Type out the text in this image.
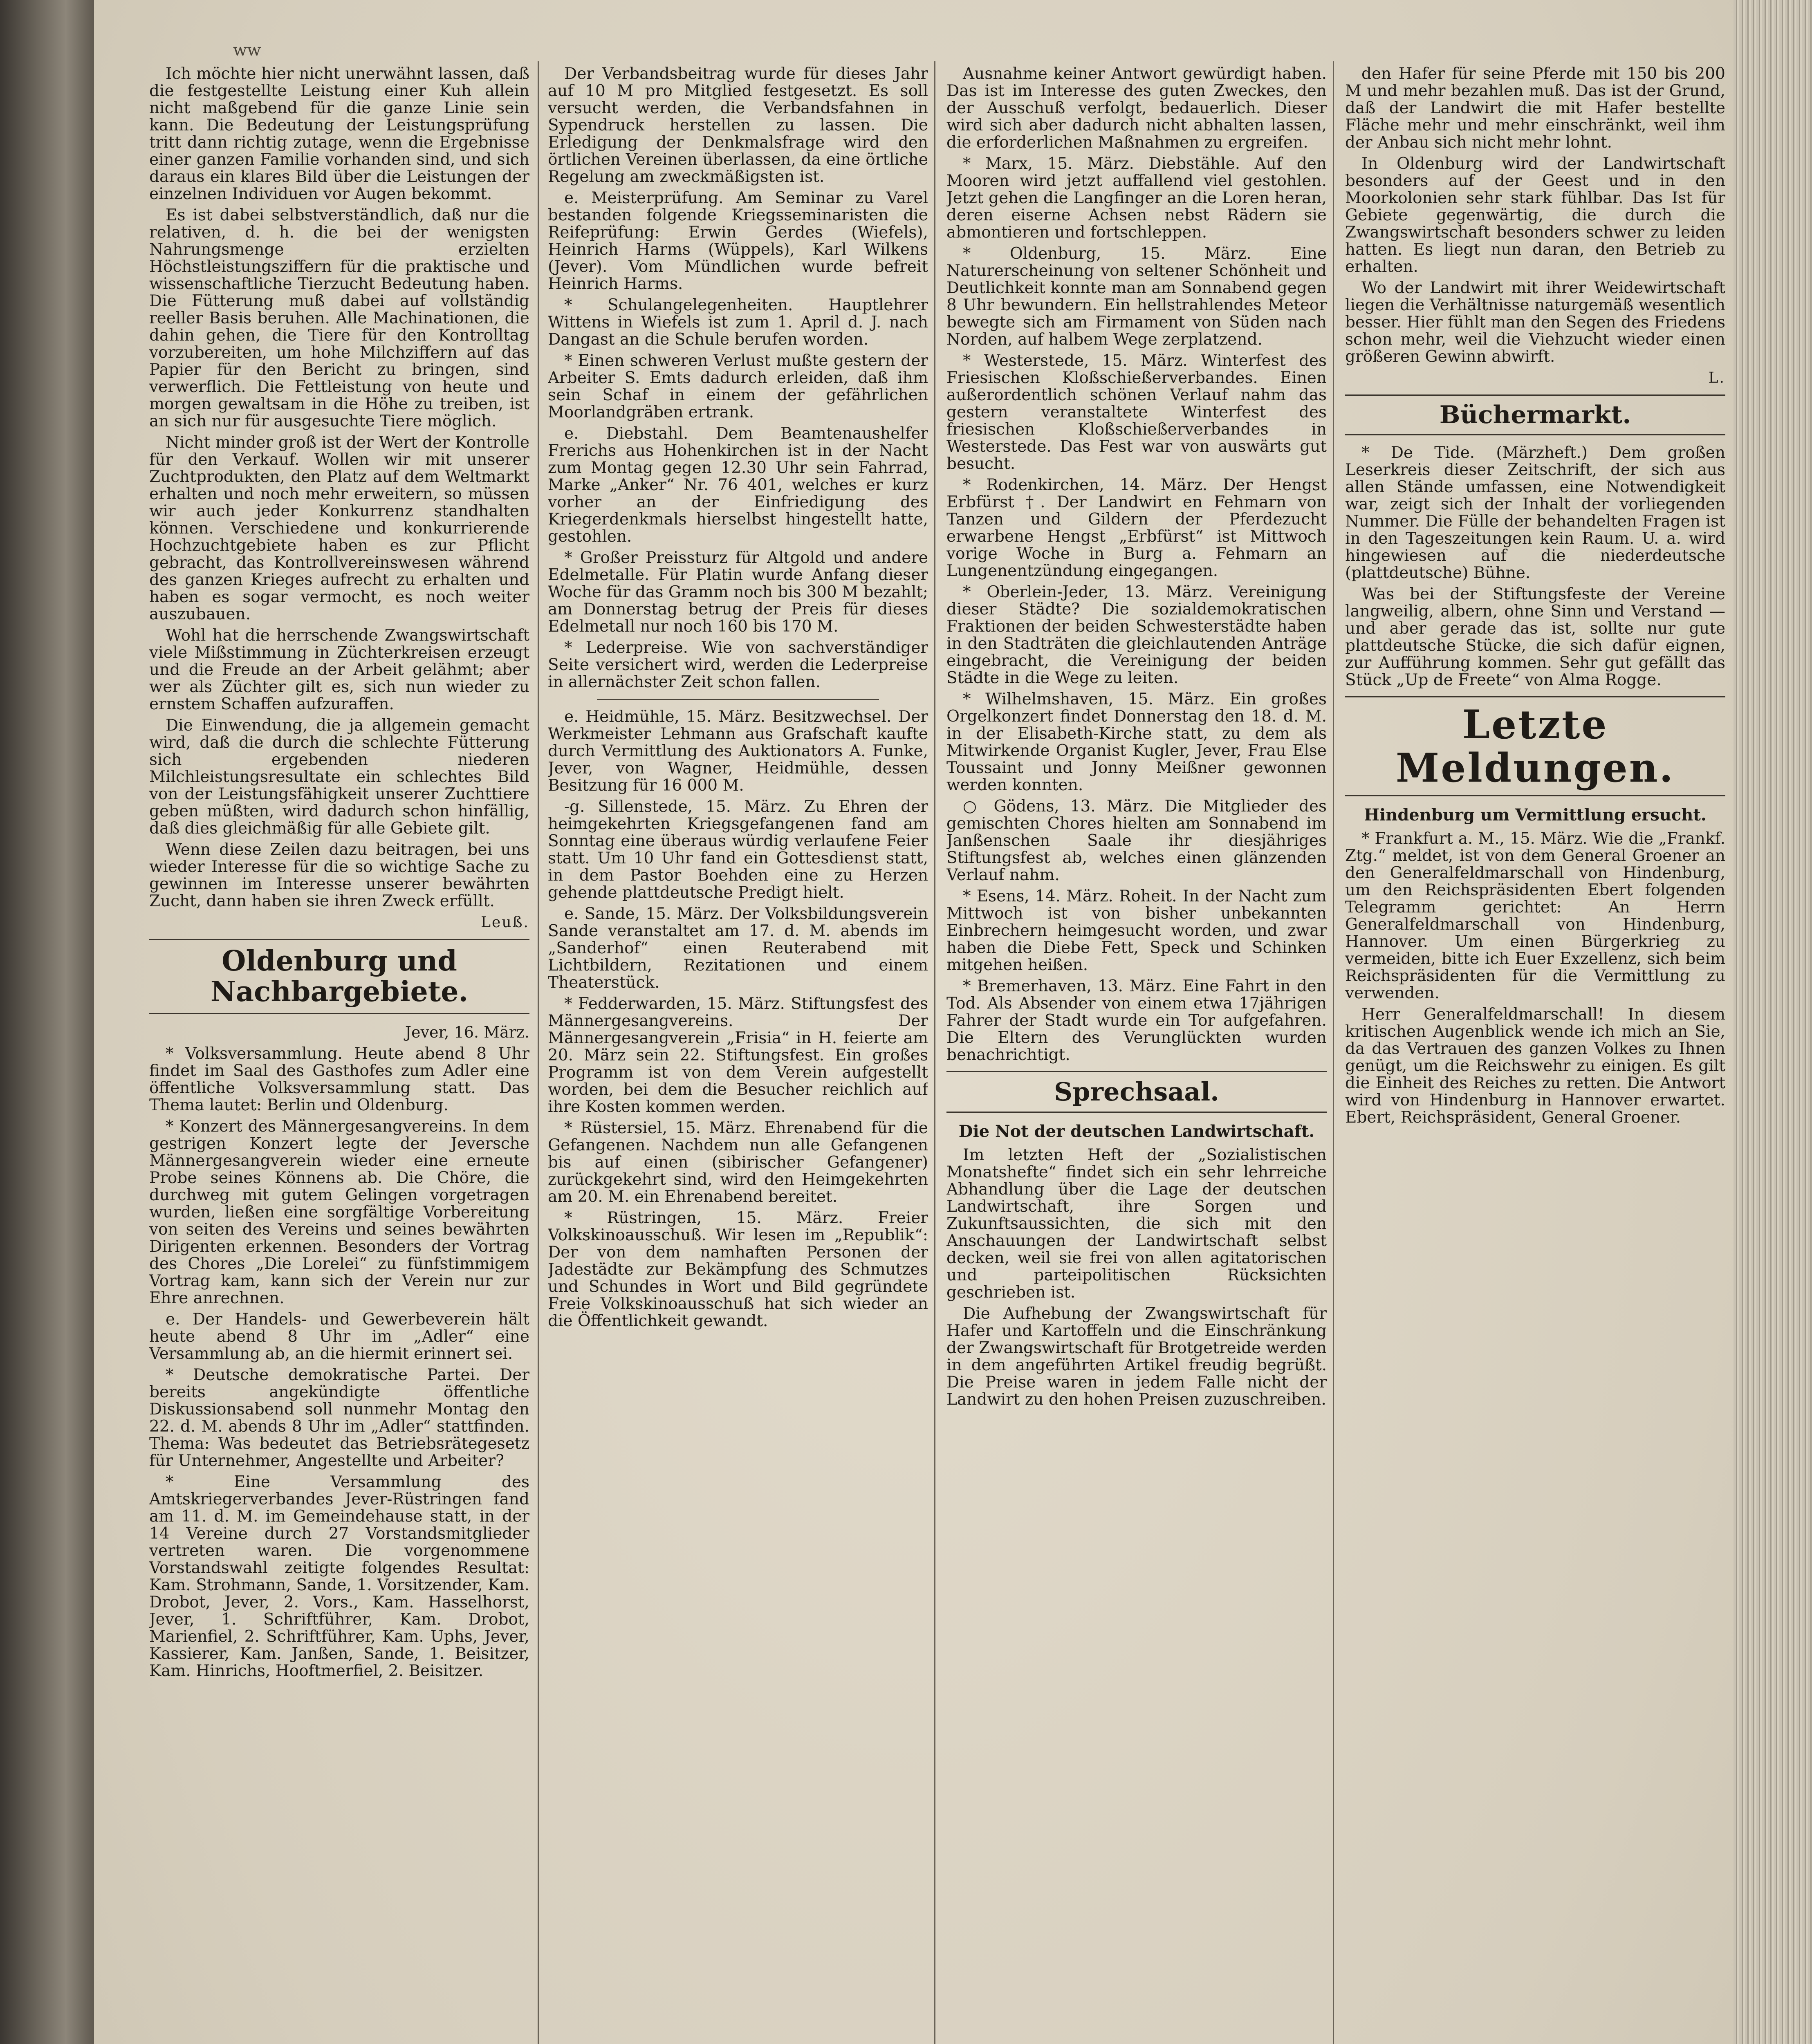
ww

Ich möchte hier nicht unerwähnt lassen, daß die festgestellte Leistung einer Kuh allein nicht maßgebend für die ganze Linie sein kann. Die Bedeutung der Leistungsprüfung tritt dann richtig zutage, wenn die Ergebnisse einer ganzen Familie vorhanden sind, und sich daraus ein klares Bild über die Leistungen der einzelnen Individuen vor Augen bekommt.

Es ist dabei selbstverständlich, daß nur die relativen, d. h. die bei der wenigsten Nahrungsmenge erzielten Höchstleistungsziffern für die praktische und wissenschaftliche Tierzucht Bedeutung haben. Die Fütterung muß dabei auf vollständig reeller Basis beruhen. Alle Machinationen, die dahin gehen, die Tiere für den Kontrolltag vorzubereiten, um hohe Milchziffern auf das Papier für den Bericht zu bringen, sind verwerflich. Die Fettleistung von heute und morgen gewaltsam in die Höhe zu treiben, ist an sich nur für ausgesuchte Tiere möglich.

Nicht minder groß ist der Wert der Kontrolle für den Verkauf. Wollen wir mit unserer Zuchtprodukten, den Platz auf dem Weltmarkt erhalten und noch mehr erweitern, so müssen wir auch jeder Konkurrenz standhalten können. Verschiedene und konkurrierende Hochzuchtgebiete haben es zur Pflicht gebracht, das Kontrollvereinswesen während des ganzen Krieges aufrecht zu erhalten und haben es sogar vermocht, es noch weiter auszubauen.

Wohl hat die herrschende Zwangswirtschaft viele Mißstimmung in Züchterkreisen erzeugt und die Freude an der Arbeit gelähmt; aber wer als Züchter gilt es, sich nun wieder zu ernstem Schaffen aufzuraffen.

Die Einwendung, die ja allgemein gemacht wird, daß die durch die schlechte Fütterung sich ergebenden niederen Milchleistungsresultate ein schlechtes Bild von der Leistungsfähigkeit unserer Zuchttiere geben müßten, wird dadurch schon hinfällig, daß dies gleichmäßig für alle Gebiete gilt.

Wenn diese Zeilen dazu beitragen, bei uns wieder Interesse für die so wichtige Sache zu gewinnen im Interesse unserer bewährten Zucht, dann haben sie ihren Zweck erfüllt.

Leuß.
Oldenburg und Nachbargebiete.
Jever, 16. März.

* Volksversammlung. Heute abend 8 Uhr findet im Saal des Gasthofes zum Adler eine öffentliche Volksversammlung statt. Das Thema lautet: Berlin und Oldenburg.

* Konzert des Männergesangvereins. In dem gestrigen Konzert legte der Jeversche Männergesangverein wieder eine erneute Probe seines Könnens ab. Die Chöre, die durchweg mit gutem Gelingen vorgetragen wurden, ließen eine sorgfältige Vorbereitung von seiten des Vereins und seines bewährten Dirigenten erkennen. Besonders der Vortrag des Chores „Die Lorelei“ zu fünfstimmigem Vortrag kam, kann sich der Verein nur zur Ehre anrechnen.

e. Der Handels- und Gewerbeverein hält heute abend 8 Uhr im „Adler“ eine Versammlung ab, an die hiermit erinnert sei.

* Deutsche demokratische Partei. Der bereits angekündigte öffentliche Diskussionsabend soll nunmehr Montag den 22. d. M. abends 8 Uhr im „Adler“ stattfinden. Thema: Was bedeutet das Betriebsrätegesetz für Unternehmer, Angestellte und Arbeiter?

* Eine Versammlung des Amtskriegerverbandes Jever-Rüstringen fand am 11. d. M. im Gemeindehause statt, in der 14 Vereine durch 27 Vorstandsmitglieder vertreten waren. Die vorgenommene Vorstandswahl zeitigte folgendes Resultat: Kam. Strohmann, Sande, 1. Vorsitzender, Kam. Drobot, Jever, 2. Vors., Kam. Hasselhorst, Jever, 1. Schriftführer, Kam. Drobot, Marienfiel, 2. Schriftführer, Kam. Uphs, Jever, Kassierer, Kam. Janßen, Sande, 1. Beisitzer, Kam. Hinrichs, Hooftmerfiel, 2. Beisitzer.

Der Verbandsbeitrag wurde für dieses Jahr auf 10 M pro Mitglied festgesetzt. Es soll versucht werden, die Verbandsfahnen in Sypendruck herstellen zu lassen. Die Erledigung der Denkmalsfrage wird den örtlichen Vereinen überlassen, da eine örtliche Regelung am zweckmäßigsten ist.

e. Meisterprüfung. Am Seminar zu Varel bestanden folgende Kriegsseminaristen die Reifeprüfung: Erwin Gerdes (Wiefels), Heinrich Harms (Wüppels), Karl Wilkens (Jever). Vom Mündlichen wurde befreit Heinrich Harms.

* Schulangelegenheiten. Hauptlehrer Wittens in Wiefels ist zum 1. April d. J. nach Dangast an die Schule berufen worden.

* Einen schweren Verlust mußte gestern der Arbeiter S. Emts dadurch erleiden, daß ihm sein Schaf in einem der gefährlichen Moorlandgräben ertrank.

e. Diebstahl. Dem Beamtenaushelfer Frerichs aus Hohenkirchen ist in der Nacht zum Montag gegen 12.30 Uhr sein Fahrrad, Marke „Anker“ Nr. 76 401, welches er kurz vorher an der Einfriedigung des Kriegerdenkmals hierselbst hingestellt hatte, gestohlen.

* Großer Preissturz für Altgold und andere Edelmetalle. Für Platin wurde Anfang dieser Woche für das Gramm noch bis 300 M bezahlt; am Donnerstag betrug der Preis für dieses Edelmetall nur noch 160 bis 170 M.

* Lederpreise. Wie von sachverständiger Seite versichert wird, werden die Lederpreise in allernächster Zeit schon fallen.

e. Heidmühle, 15. März. Besitzwechsel. Der Werkmeister Lehmann aus Grafschaft kaufte durch Vermittlung des Auktionators A. Funke, Jever, von Wagner, Heidmühle, dessen Besitzung für 16 000 M.

-g. Sillenstede, 15. März. Zu Ehren der heimgekehrten Kriegsgefangenen fand am Sonntag eine überaus würdig verlaufene Feier statt. Um 10 Uhr fand ein Gottesdienst statt, in dem Pastor Boehden eine zu Herzen gehende plattdeutsche Predigt hielt.

e. Sande, 15. März. Der Volksbildungsverein Sande veranstaltet am 17. d. M. abends im „Sanderhof“ einen Reuterabend mit Lichtbildern, Rezitationen und einem Theaterstück.

* Fedderwarden, 15. März. Stiftungsfest des Männergesangvereins. Der Männergesangverein „Frisia“ in H. feierte am 20. März sein 22. Stiftungsfest. Ein großes Programm ist von dem Verein aufgestellt worden, bei dem die Besucher reichlich auf ihre Kosten kommen werden.

* Rüstersiel, 15. März. Ehrenabend für die Gefangenen. Nachdem nun alle Gefangenen bis auf einen (sibirischer Gefangener) zurückgekehrt sind, wird den Heimgekehrten am 20. M. ein Ehrenabend bereitet.

* Rüstringen, 15. März. Freier Volkskinoausschuß. Wir lesen im „Republik“: Der von dem namhaften Personen der Jadestädte zur Bekämpfung des Schmutzes und Schundes in Wort und Bild gegründete Freie Volkskinoausschuß hat sich wieder an die Öffentlichkeit gewandt.

Ausnahme keiner Antwort gewürdigt haben. Das ist im Interesse des guten Zweckes, den der Ausschuß verfolgt, bedauerlich. Dieser wird sich aber dadurch nicht abhalten lassen, die erforderlichen Maßnahmen zu ergreifen.

* Marx, 15. März. Diebstähle. Auf den Mooren wird jetzt auffallend viel gestohlen. Jetzt gehen die Langfinger an die Loren heran, deren eiserne Achsen nebst Rädern sie abmontieren und fortschleppen.

* Oldenburg, 15. März. Eine Naturerscheinung von seltener Schönheit und Deutlichkeit konnte man am Sonnabend gegen 8 Uhr bewundern. Ein hellstrahlendes Meteor bewegte sich am Firmament von Süden nach Norden, auf halbem Wege zerplatzend.

* Westerstede, 15. März. Winterfest des Friesischen Kloßschießerverbandes. Einen außerordentlich schönen Verlauf nahm das gestern veranstaltete Winterfest des friesischen Kloßschießerverbandes in Westerstede. Das Fest war von auswärts gut besucht.

* Rodenkirchen, 14. März. Der Hengst Erbfürst †. Der Landwirt en Fehmarn von Tanzen und Gildern der Pferdezucht erwarbene Hengst „Erbfürst“ ist Mittwoch vorige Woche in Burg a. Fehmarn an Lungenentzündung eingegangen.

* Oberlein-Jeder, 13. März. Vereinigung dieser Städte? Die sozialdemokratischen Fraktionen der beiden Schwesterstädte haben in den Stadträten die gleichlautenden Anträge eingebracht, die Vereinigung der beiden Städte in die Wege zu leiten.

* Wilhelmshaven, 15. März. Ein großes Orgelkonzert findet Donnerstag den 18. d. M. in der Elisabeth-Kirche statt, zu dem als Mitwirkende Organist Kugler, Jever, Frau Else Toussaint und Jonny Meißner gewonnen werden konnten.

○ Gödens, 13. März. Die Mitglieder des gemischten Chores hielten am Sonnabend im Janßenschen Saale ihr diesjähriges Stiftungsfest ab, welches einen glänzenden Verlauf nahm.

* Esens, 14. März. Roheit. In der Nacht zum Mittwoch ist von bisher unbekannten Einbrechern heimgesucht worden, und zwar haben die Diebe Fett, Speck und Schinken mitgehen heißen.

* Bremerhaven, 13. März. Eine Fahrt in den Tod. Als Absender von einem etwa 17jährigen Fahrer der Stadt wurde ein Tor aufgefahren. Die Eltern des Verunglückten wurden benachrichtigt.

Sprechsaal.
Die Not der deutschen Landwirtschaft.

Im letzten Heft der „Sozialistischen Monatshefte“ findet sich ein sehr lehrreiche Abhandlung über die Lage der deutschen Landwirtschaft, ihre Sorgen und Zukunftsaussichten, die sich mit den Anschauungen der Landwirtschaft selbst decken, weil sie frei von allen agitatorischen und parteipolitischen Rücksichten geschrieben ist.

Die Aufhebung der Zwangswirtschaft für Hafer und Kartoffeln und die Einschränkung der Zwangswirtschaft für Brotgetreide werden in dem angeführten Artikel freudig begrüßt. Die Preise waren in jedem Falle nicht der Landwirt zu den hohen Preisen zuzuschreiben.

den Hafer für seine Pferde mit 150 bis 200 M und mehr bezahlen muß. Das ist der Grund, daß der Landwirt die mit Hafer bestellte Fläche mehr und mehr einschränkt, weil ihm der Anbau sich nicht mehr lohnt.

In Oldenburg wird der Landwirtschaft besonders auf der Geest und in den Moorkolonien sehr stark fühlbar. Das Ist für Gebiete gegenwärtig, die durch die Zwangswirtschaft besonders schwer zu leiden hatten. Es liegt nun daran, den Betrieb zu erhalten.

Wo der Landwirt mit ihrer Weidewirtschaft liegen die Verhältnisse naturgemäß wesentlich besser. Hier fühlt man den Segen des Friedens schon mehr, weil die Viehzucht wieder einen größeren Gewinn abwirft.

L.
Büchermarkt.

* De Tide. (Märzheft.) Dem großen Leserkreis dieser Zeitschrift, der sich aus allen Stände umfassen, eine Notwendigkeit war, zeigt sich der Inhalt der vorliegenden Nummer. Die Fülle der behandelten Fragen ist in den Tageszeitungen kein Raum. U. a. wird hingewiesen auf die niederdeutsche (plattdeutsche) Bühne.

Was bei der Stiftungsfeste der Vereine langweilig, albern, ohne Sinn und Verstand — und aber gerade das ist, sollte nur gute plattdeutsche Stücke, die sich dafür eignen, zur Aufführung kommen. Sehr gut gefällt das Stück „Up de Freete“ von Alma Rogge.

Letzte Meldungen.
Hindenburg um Vermittlung ersucht.

* Frankfurt a. M., 15. März. Wie die „Frankf. Ztg.“ meldet, ist von dem General Groener an den Generalfeldmarschall von Hindenburg, um den Reichspräsidenten Ebert folgenden Telegramm gerichtet: An Herrn Generalfeldmarschall von Hindenburg, Hannover. Um einen Bürgerkrieg zu vermeiden, bitte ich Euer Exzellenz, sich beim Reichspräsidenten für die Vermittlung zu verwenden.

Herr Generalfeldmarschall! In diesem kritischen Augenblick wende ich mich an Sie, da das Vertrauen des ganzen Volkes zu Ihnen genügt, um die Reichswehr zu einigen. Es gilt die Einheit des Reiches zu retten. Die Antwort wird von Hindenburg in Hannover erwartet. Ebert, Reichspräsident, General Groener.
